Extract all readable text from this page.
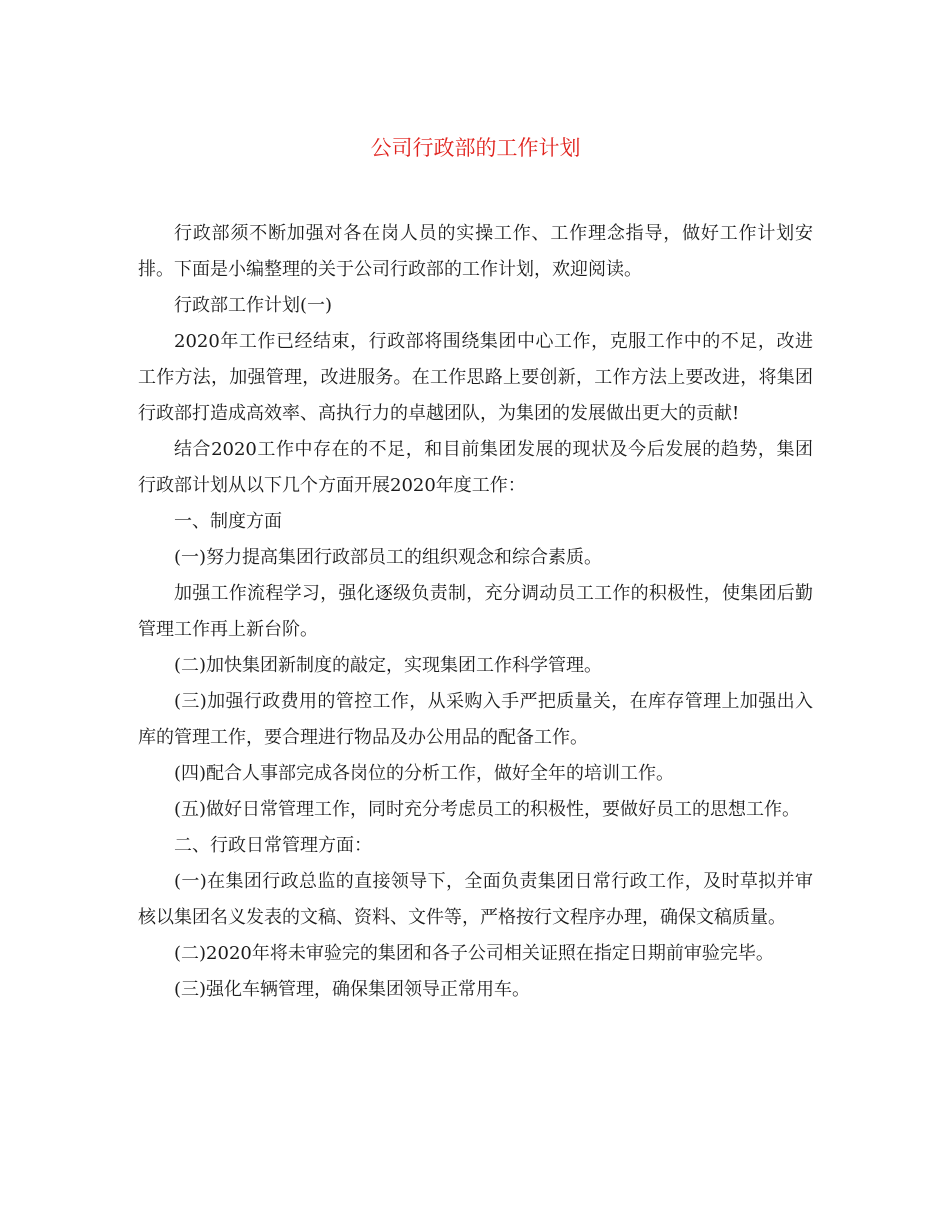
公司行政部的工作计划

行政部须不断加强对各在岗人员的实操工作、工作理念指导，做好工作计划安排。下面是小编整理的关于公司行政部的工作计划，欢迎阅读。

行政部工作计划(一)

2020年工作已经结束，行政部将围绕集团中心工作，克服工作中的不足，改进工作方法，加强管理，改进服务。在工作思路上要创新，工作方法上要改进，将集团行政部打造成高效率、高执行力的卓越团队，为集团的发展做出更大的贡献!

结合2020工作中存在的不足，和目前集团发展的现状及今后发展的趋势，集团行政部计划从以下几个方面开展2020年度工作：

一、制度方面

(一)努力提高集团行政部员工的组织观念和综合素质。

加强工作流程学习，强化逐级负责制，充分调动员工工作的积极性，使集团后勤管理工作再上新台阶。

(二)加快集团新制度的敲定，实现集团工作科学管理。

(三)加强行政费用的管控工作，从采购入手严把质量关，在库存管理上加强出入库的管理工作，要合理进行物品及办公用品的配备工作。

(四)配合人事部完成各岗位的分析工作，做好全年的培训工作。

(五)做好日常管理工作，同时充分考虑员工的积极性，要做好员工的思想工作。

二、行政日常管理方面：

(一)在集团行政总监的直接领导下，全面负责集团日常行政工作，及时草拟并审核以集团名义发表的文稿、资料、文件等，严格按行文程序办理，确保文稿质量。

(二)2020年将未审验完的集团和各子公司相关证照在指定日期前审验完毕。

(三)强化车辆管理，确保集团领导正常用车。
